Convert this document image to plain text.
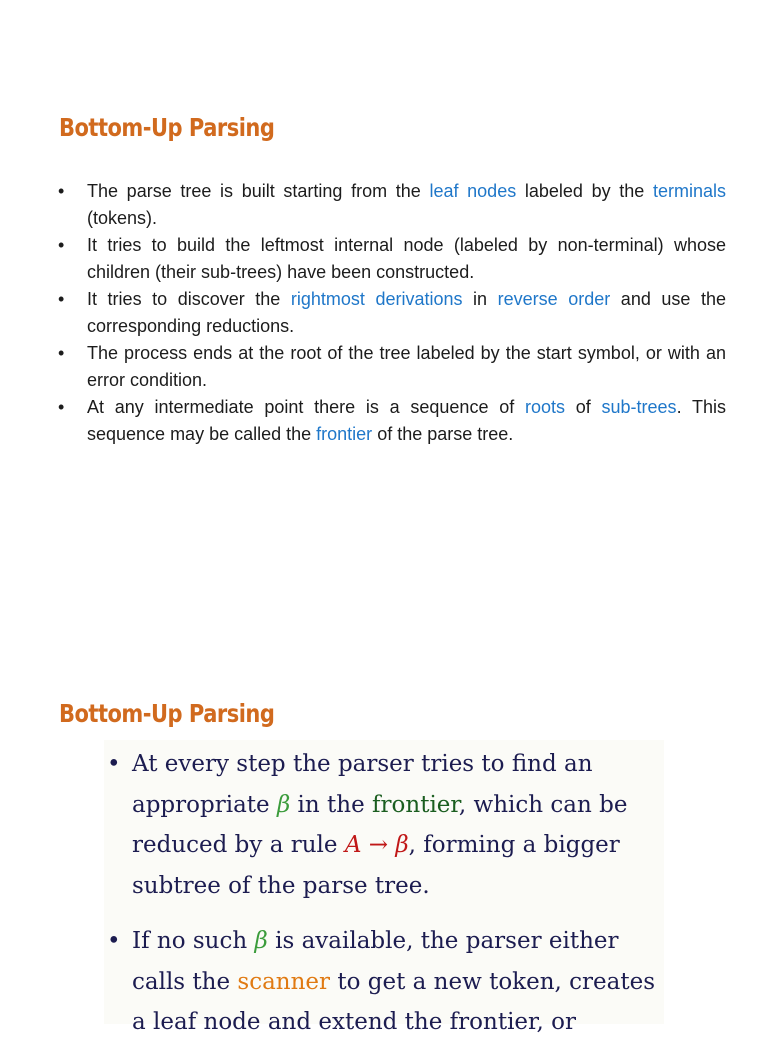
Bottom-Up Parsing
• The parse tree is built starting from the leaf nodes labeled by the terminals (tokens).
• It tries to build the leftmost internal node (labeled by non-terminal) whose children (their sub-trees) have been constructed.
• It tries to discover the rightmost derivations in reverse order and use the corresponding reductions.
• The process ends at the root of the tree labeled by the start symbol, or with an error condition.
• At any intermediate point there is a sequence of roots of sub-trees. This sequence may be called the frontier of the parse tree.
Bottom-Up Parsing
• At every step the parser tries to find an appropriate β in the frontier, which can be reduced by a rule A → β, forming a bigger subtree of the parse tree.
• If no such β is available, the parser either calls the scanner to get a new token, creates a leaf node and extend the frontier, or
